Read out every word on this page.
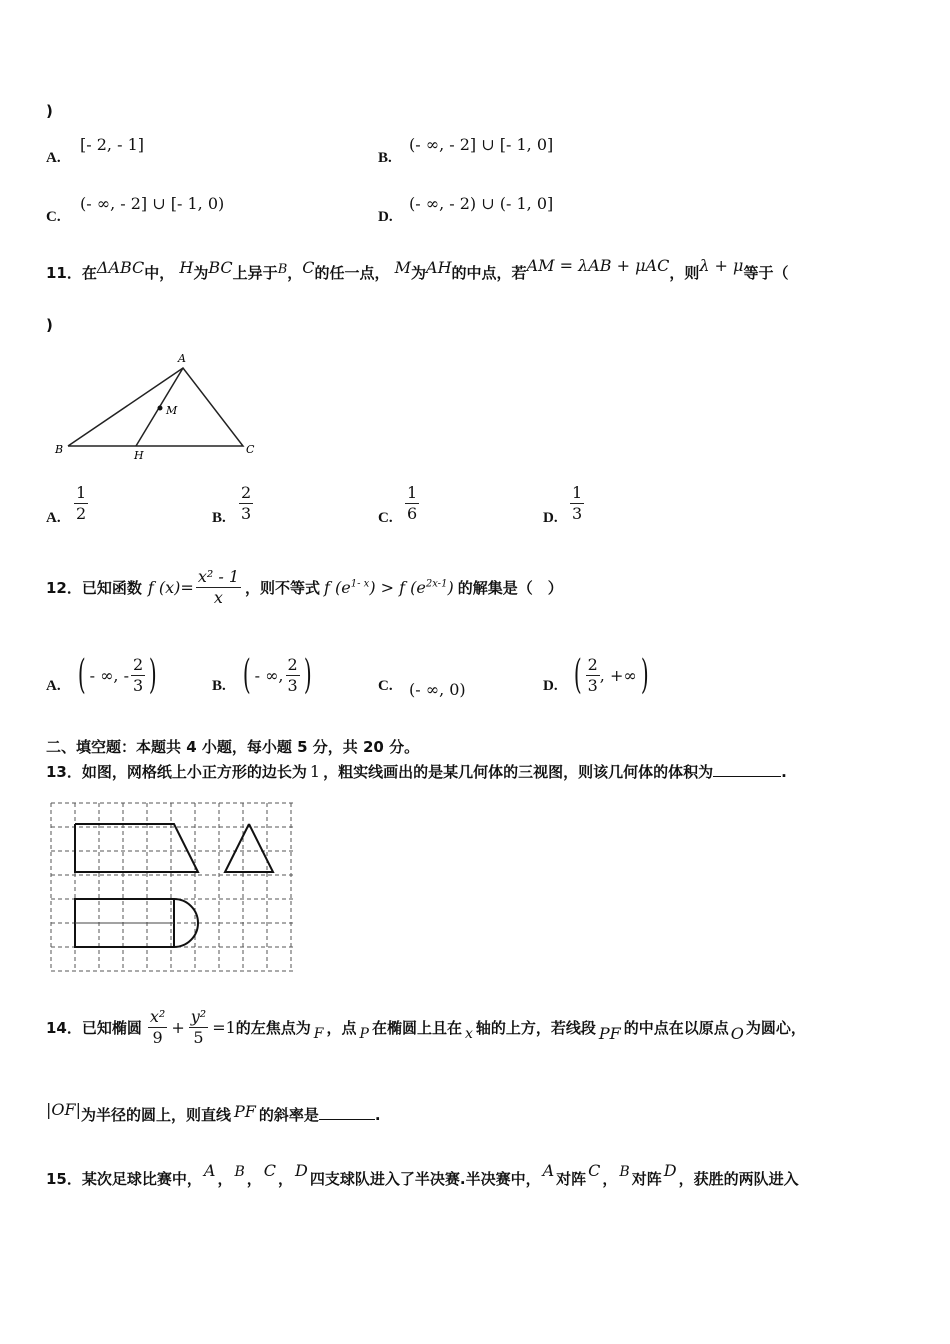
)
A.
[- 2, - 1]
B.
(- ∞, - 2] ∪ [- 1, 0]
C.
(- ∞, - 2] ∪ [- 1, 0)
D.
(- ∞, - 2) ∪ (- 1, 0]
11．在ΔABC中， H为BC上异于$^B$，C的任一点， M为AH的中点，若AM = λAB + μAC，则λ + μ等于（
)
A
B	C
H
M
A. $\frac{1}{2}$	B. $\frac{2}{3}$	C. $\frac{1}{6}$	D. $\frac{1}{3}$
12． 已知函数 f $(x)= \frac{\text{x² - 1}}{x}$ ，则不等式 f $(e^{1- x}) > f$ $(e^{2x-1})$ 的解集是（　）
A. ( - ∞, - $\frac{2}{3}$ )	B. ( - ∞, $\frac{2}{3}$ )	C. (- ∞, 0)	D. ( $\frac{2}{3}$ , +∞ )
二、填空题：本题共 4 小题，每小题 5 分，共 20 分。
13．如图，网格纸上小正方形的边长为 1 ，粗实线画出的是某几何体的三视图，则该几何体的体积为	.
14． 已知椭圆 $\frac{\text{x²}}{9} + \frac{\text{y²}}{5} =1$ 的左焦点为 F ，点 P 在椭圆上且在 x 轴的上方，若线段 PF 的中点在以原点 O 为圆心，
|OF|为半径的圆上，则直线 PF 的斜率是	.
15．某次足球比赛中， A ， B ， C ， D 四支球队进入了半决赛.半决赛中， A 对阵 C ， B 对阵 D ，获胜的两队进入
